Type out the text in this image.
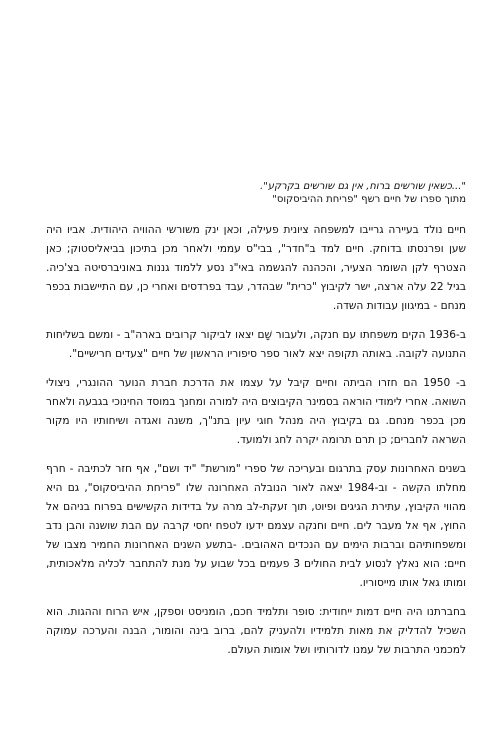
"...כשאין שורשים ברוח, אין גם שורשים בקרקע".
מתוך ספרו של חיים רשף "פריחת ההיביסקוס"

חיים נולד בעיירה גרייבו למשפחה ציונית פעילה, וכאן ינק משורשי ההוויה היהודית. אביו היה שען ופרנסתו בדוחק. חיים למד ב"חדר", בבי"ס עממי ולאחר מכן בתיכון בביאליסטוק; כאן הצטרף לקן השומר הצעיר, והכהנה להגשמה באי"נ נסע ללמוד גננות באוניברסיטה בצ'כיה. בגיל 22 עלה ארצה, ישר לקיבוץ "כרית" שבהדר, עבד בפרדסים ואחרי כן, עם התיישבות בכפר מנחם - במיגוון עבודות השדה.

ב-1936 הקים משפחתו עם חנקה, ולעבור שָׁם יצאו לביקור קרובים בארה"ב - ומשם בשליחות התנועה לקובה. באותה תקופה יצא לאור ספר סיפוריו הראשון של חיים "צעדים חרישיים".

ב- 1950 הם חזרו הביתה וחיים קיבל על עצמו את הדרכת חברת הנוער ההונגרי, ניצולי השואה. אחרי לימודי הוראה בסמינר הקיבוצים היה למורה ומחנך במוסד החינוכי בגבעה ולאחר מכן בכפר מנחם. גם בקיבוץ היה מנהל חוגי עיון בתנ"ך, משנה ואגדה ושיחותיו היו מקור השראה לחברים; כן תרם תרומה יקרה לחג ולמועד.

בשנים האחרונות עסק בתרגום ובעריכה של ספרי "מורשת" "יד ושם", אף חזר לכתיבה - חרף מחלתו הקשה - וב-1984 יצאה לאור הנובלה האחרונה שלו "פריחת ההיביסקוס", גם היא מהווי הקיבוץ, עתירת הגיגים ופיוט, תוך זעקת-לב מרה על בדידות הקשישים בפרוח בניהם אל החוץ, אף אל מעבר לים. חיים וחנקה עצמם ידעו לטפח יחסי קרבה עם הבת שושנה והבן נדב ומשפחותיהם וברבות הימים עם הנכדים האהובים. -בתשע השנים האחרונות החמיר מצבו של חיים: הוא נאלץ לנסוע לבית החולים 3 פעמים בכל שבוע על מנת להתחבר לכליה מלאכותית, ומותו גאל אותו מייסוריו.

בחברתנו היה חיים דמות ייחודית: סופר ותלמיד חכם, הומניסט וספקן, איש הרוח וההגות. הוא השכיל להדליק את מאות תלמידיו ולהעניק להם, ברוב בינה והומור, הבנה והערכה עמוקה למכמני התרבות של עמנו לדורותיו ושל אומות העולם.
